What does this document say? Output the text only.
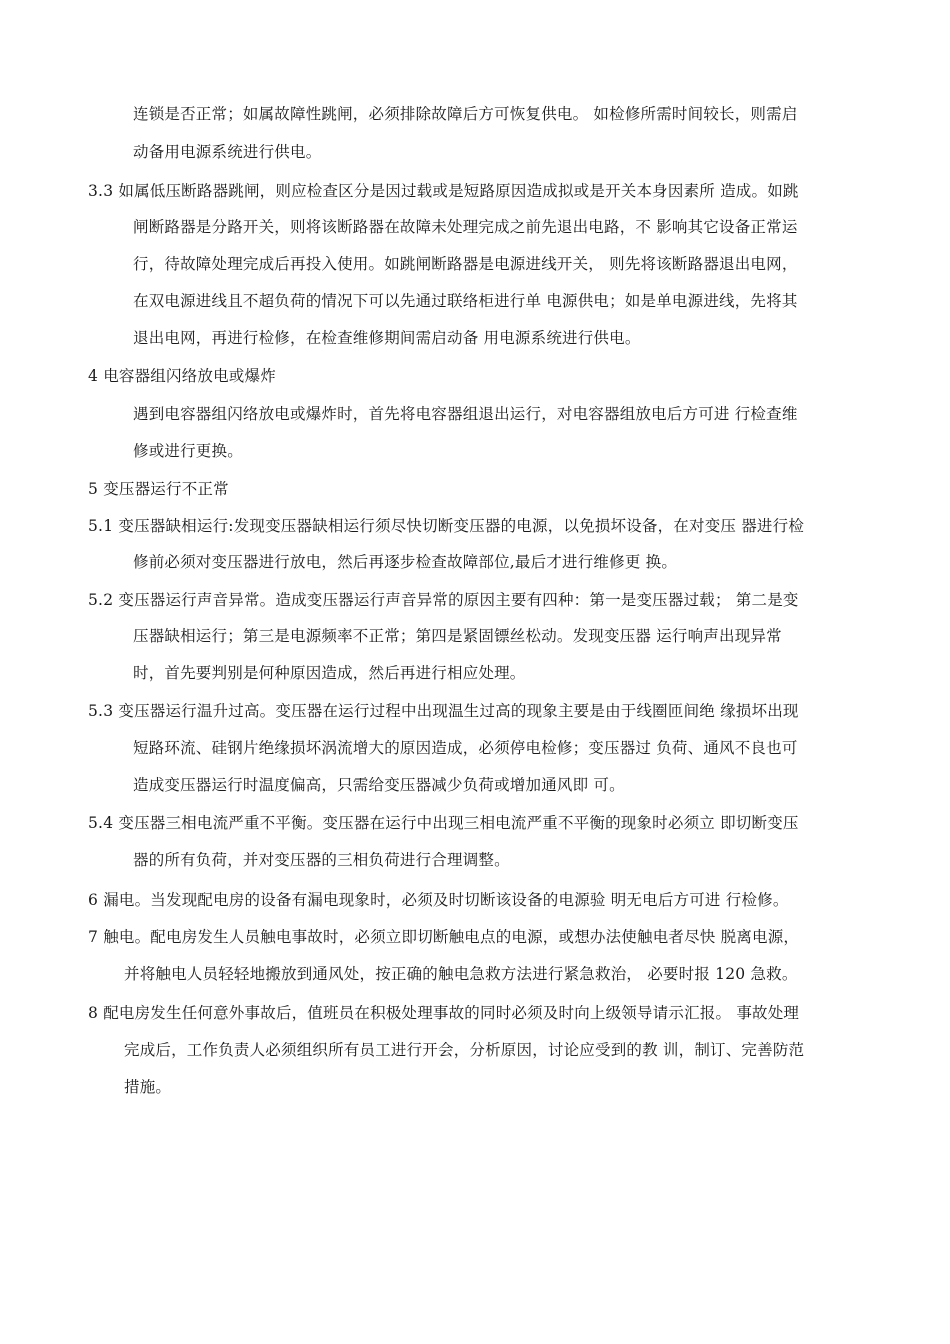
连锁是否正常；如属故障性跳闸，必须排除故障后方可恢复供电。 如检修所需时间较长，则需启
动备用电源系统进行供电。
3.3 如属低压断路器跳闸，则应检查区分是因过载或是短路原因造成拟或是开关本身因素所 造成。如跳
闸断路器是分路开关，则将该断路器在故障未处理完成之前先退出电路，不 影响其它设备正常运
行，待故障处理完成后再投入使用。如跳闸断路器是电源进线开关， 则先将该断路器退出电网，
在双电源进线且不超负荷的情况下可以先通过联络柜进行单 电源供电；如是单电源进线，先将其
退出电网，再进行检修，在检查维修期间需启动备 用电源系统进行供电。
4 电容器组闪络放电或爆炸
遇到电容器组闪络放电或爆炸时，首先将电容器组退出运行，对电容器组放电后方可进 行检查维
修或进行更换。
5 变压器运行不正常
5.1 变压器缺相运行:发现变压器缺相运行须尽快切断变压器的电源，以免损坏设备，在对变压 器进行检
修前必须对变压器进行放电，然后再逐步检查故障部位,最后才进行维修更 换。
5.2 变压器运行声音异常。造成变压器运行声音异常的原因主要有四种：第一是变压器过载； 第二是变
压器缺相运行；第三是电源频率不正常；第四是紧固镖丝松动。发现变压器 运行响声出现异常
时，首先要判别是何种原因造成，然后再进行相应处理。
5.3 变压器运行温升过高。变压器在运行过程中出现温生过高的现象主要是由于线圈匝间绝 缘损坏出现
短路环流、硅钢片绝缘损坏涡流增大的原因造成，必须停电检修；变压器过 负荷、通风不良也可
造成变压器运行时温度偏高，只需给变压器减少负荷或增加通风即 可。
5.4 变压器三相电流严重不平衡。变压器在运行中出现三相电流严重不平衡的现象时必须立 即切断变压
器的所有负荷，并对变压器的三相负荷进行合理调整。
6 漏电。当发现配电房的设备有漏电现象时，必须及时切断该设备的电源验 明无电后方可进 行检修。
7 触电。配电房发生人员触电事故时，必须立即切断触电点的电源，或想办法使触电者尽快 脱离电源，
并将触电人员轻轻地搬放到通风处，按正确的触电急救方法进行紧急救治， 必要时报 120 急救。
8 配电房发生任何意外事故后，值班员在积极处理事故的同时必须及时向上级领导请示汇报。 事故处理
完成后，工作负责人必须组织所有员工进行开会，分析原因，讨论应受到的教 训，制订、完善防范
措施。
